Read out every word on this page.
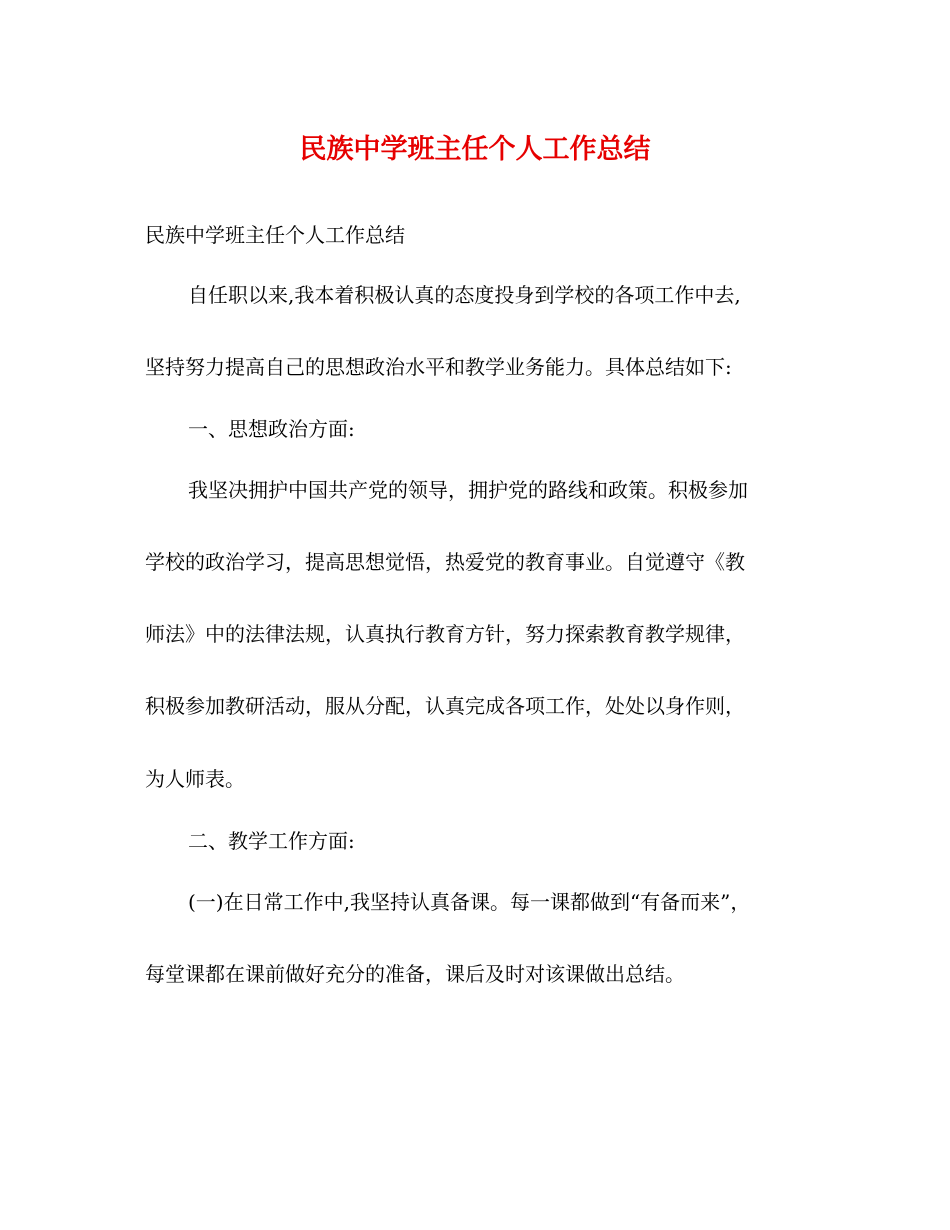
民族中学班主任个人工作总结
民族中学班主任个人工作总结
自任职以来,我本着积极认真的态度投身到学校的各项工作中去,
坚持努力提高自己的思想政治水平和教学业务能力。具体总结如下:
一、思想政治方面:
我坚决拥护中国共产党的领导，拥护党的路线和政策。积极参加
学校的政治学习，提高思想觉悟，热爱党的教育事业。自觉遵守《教
师法》中的法律法规，认真执行教育方针，努力探索教育教学规律，
积极参加教研活动，服从分配，认真完成各项工作，处处以身作则，
为人师表。
二、教学工作方面:
(一)在日常工作中,我坚持认真备课。每一课都做到“有备而来”，
每堂课都在课前做好充分的准备，课后及时对该课做出总结。
